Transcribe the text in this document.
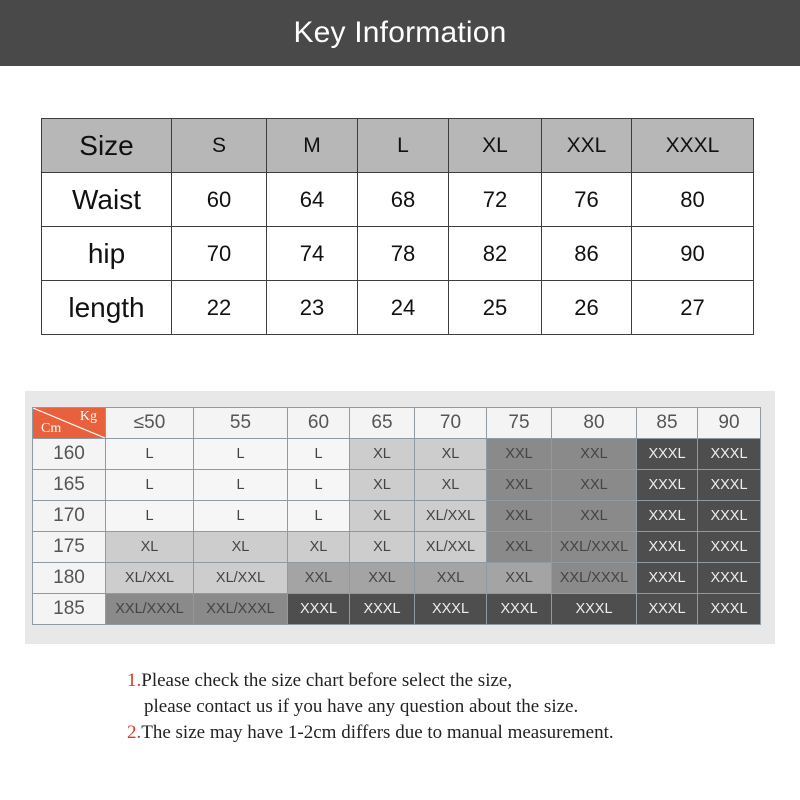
Key Information
Size	S	M	L	XL	XXL	XXXL
Waist	60	64	68	72	76	80
hip	70	74	78	82	86	90
length	22	23	24	25	26	27
Kg
Cm	≤50	55	60	65	70	75	80	85	90
160	L	L	L	XL	XL	XXL	XXL	XXXL	XXXL
165	L	L	L	XL	XL	XXL	XXL	XXXL	XXXL
170	L	L	L	XL	XL/XXL	XXL	XXL	XXXL	XXXL
175	XL	XL	XL	XL	XL/XXL	XXL	XXL/XXXL	XXXL	XXXL
180	XL/XXL	XL/XXL	XXL	XXL	XXL	XXL	XXL/XXXL	XXXL	XXXL
185	XXL/XXXL	XXL/XXXL	XXXL	XXXL	XXXL	XXXL	XXXL	XXXL	XXXL
1.Please check the size chart before select the size,
please contact us if you have any question about the size.
2.The size may have 1-2cm differs due to manual measurement.
